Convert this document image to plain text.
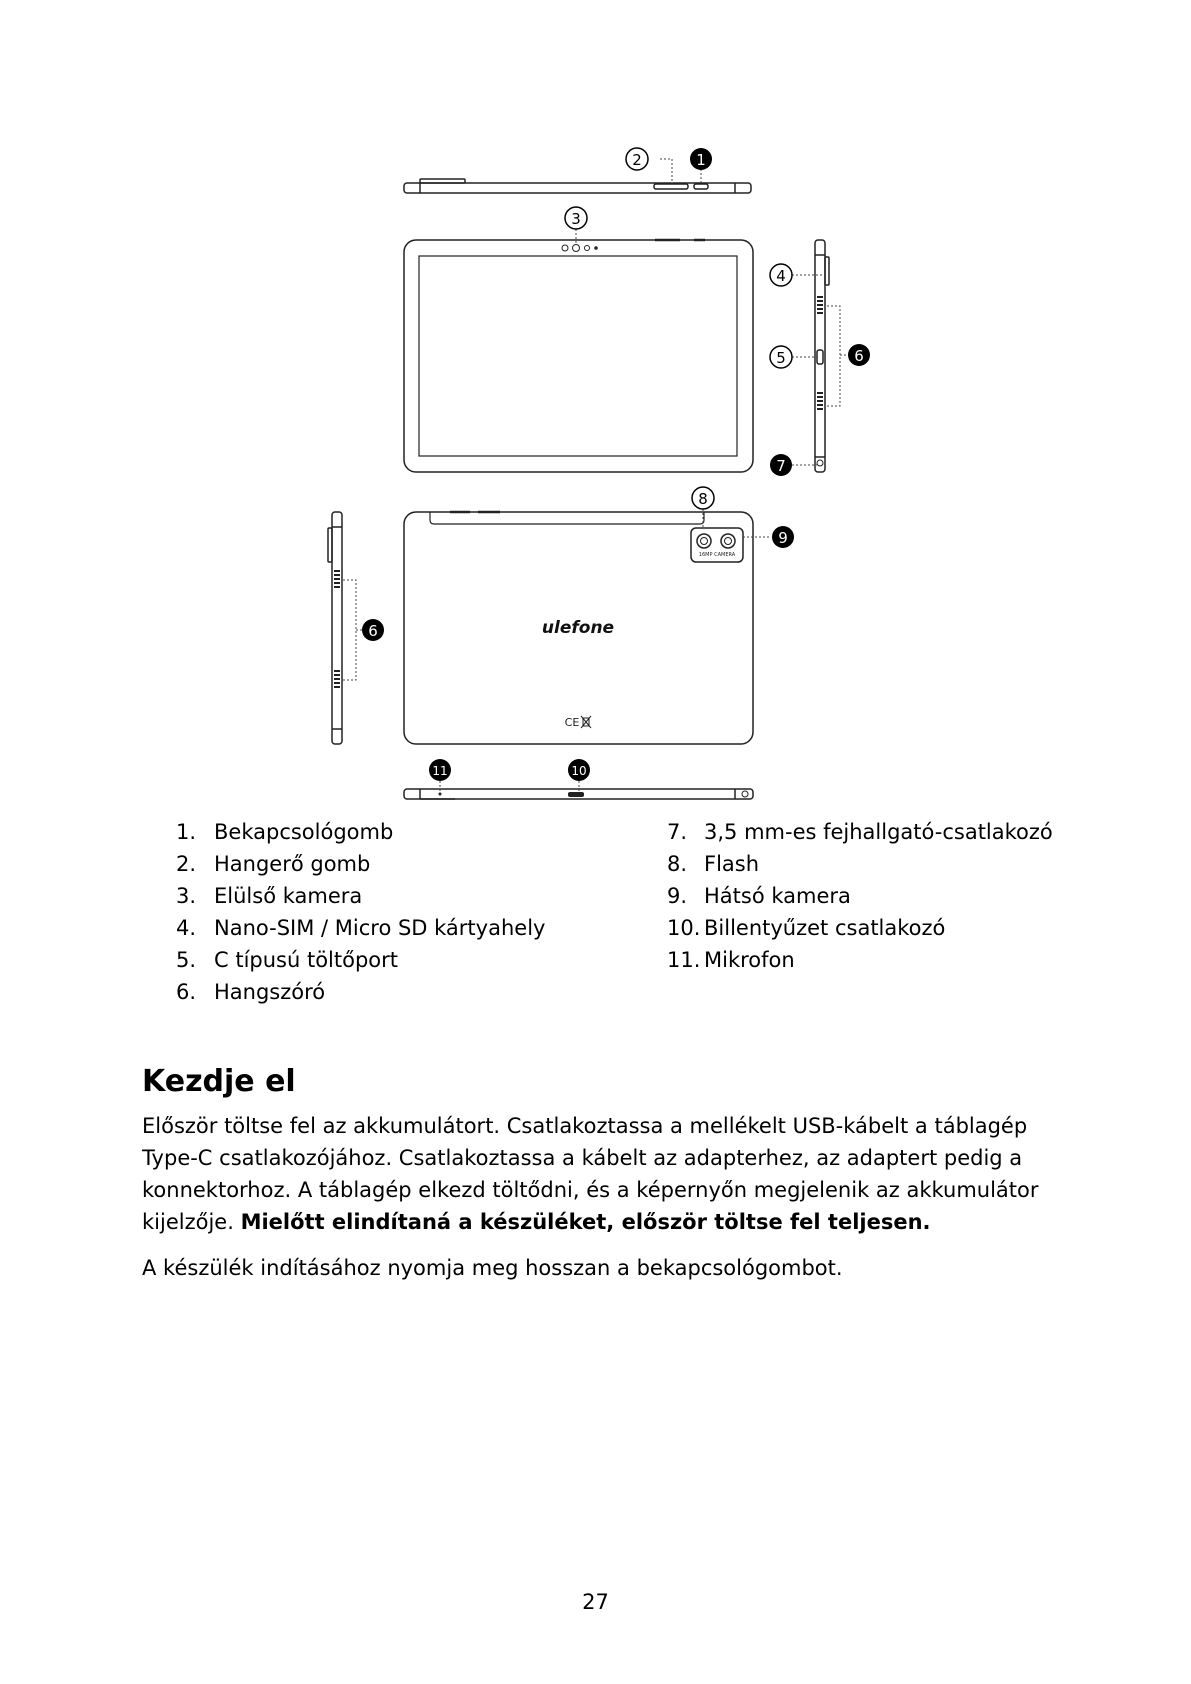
2	1
3
4
5	6
7
6
16MP CAMERA
ulefone
CE
8
9
11	10
1. Bekapcsológomb
2. Hangerő gomb
3. Elülső kamera
4. Nano-SIM / Micro SD kártyahely
5. C típusú töltőport
6. Hangszóró
7. 3,5 mm-es fejhallgató-csatlakozó
8. Flash
9. Hátsó kamera
10. Billentyűzet csatlakozó
11. Mikrofon
Kezdje el

Először töltse fel az akkumulátort. Csatlakoztassa a mellékelt USB-kábelt a táblagép Type-C csatlakozójához. Csatlakoztassa a kábelt az adapterhez, az adaptert pedig a konnektorhoz. A táblagép elkezd töltődni, és a képernyőn megjelenik az akkumulátor kijelzője. Mielőtt elindítaná a készüléket, először töltse fel teljesen.

A készülék indításához nyomja meg hosszan a bekapcsológombot.

27
